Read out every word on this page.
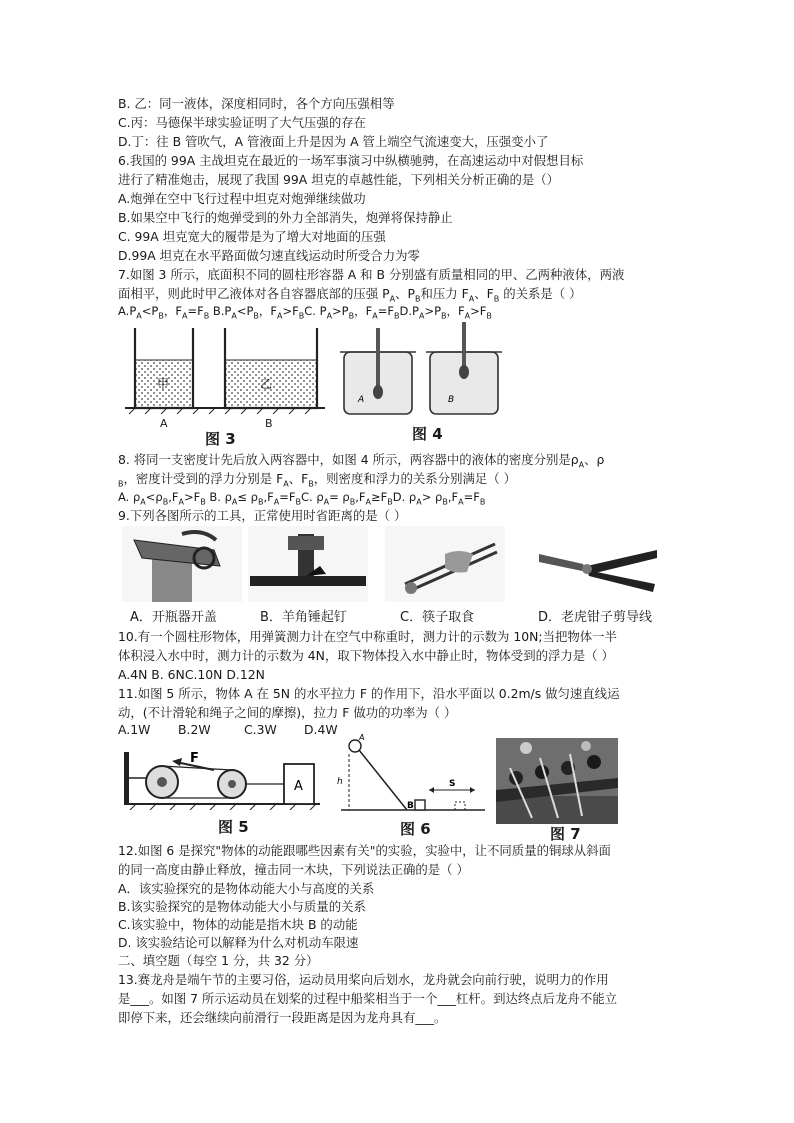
B. 乙：同一液体，深度相同时，各个方向压强相等
C.丙：马德保半球实验证明了大气压强的存在
D.丁：往 B 管吹气，A 管液面上升是因为 A 管上端空气流速变大，压强变小了
6.我国的 99A 主战坦克在最近的一场军事演习中纵横驰骋，在高速运动中对假想目标
进行了精准炮击，展现了我国 99A 坦克的卓越性能，下列相关分析正确的是（）
A.炮弹在空中飞行过程中坦克对炮弹继续做功
B.如果空中飞行的炮弹受到的外力全部消失，炮弹将保持静止
C. 99A 坦克宽大的履带是为了增大对地面的压强
D.99A 坦克在水平路面做匀速直线运动时所受合力为零
7.如图 3 所示，底面积不同的圆柱形容器 A 和 B 分别盛有质量相同的甲、乙两种液体，两液
面相平，则此时甲乙液体对各自容器底部的压强 $P_A$、$P_B$和压力 $F_A$、$F_B$ 的关系是（ ）
$A.P_A<P_B$，$F_A=F_B$ $B.P_A<P_B$，$F_A>F_BC$. $P_A>P_B$，$F_A=F_BD.P_A>P_B$，$F_A>F_B$
甲	乙
A	B
图 3
A	B
图 4
8. 将同一支密度计先后放入两容器中，如图 4 所示，两容器中的液体的密度分别是$\rho_A$、ρ
$_B$，密度计受到的浮力分别是 $F_A$、$F_B$，则密度和浮力的关系分别满足（ ）
A. $\rho_A<\rho_B,F_A>F_B$ B. $\rho_A\le \rho_B,F_A=F_BC$. $\rho_A= \rho_B,F_A\ge F_BD$. $\rho_A> \rho_B,F_A=F_B$
9.下列各图所示的工具，正常使用时省距离的是（ ）
A．开瓶器开盖	B．羊角锤起钉	C．筷子取食	D．老虎钳子剪导线
10.有一个圆柱形物体，用弹簧测力计在空气中称重时，测力计的示数为 10N;当把物体一半
体积浸入水中时，测力计的示数为 4N，取下物体投入水中静止时，物体受到的浮力是（ ）
A.4N B. 6NC.10N D.12N
11.如图 5 所示，物体 A 在 5N 的水平拉力 F 的作用下，沿水平面以 0.2m/s 做匀速直线运
动，(不计滑轮和绳子之间的摩擦)，拉力 F 做功的功率为（ ）
A.1W B.2W	C.3W D.4W
F
A
图 5
A
h
B
S
图 6	图 7
12.如图 6 是探究"物体的动能跟哪些因素有关"的实验，实验中，让不同质量的铜球从斜面
的同一高度由静止释放，撞击同一木块，下列说法正确的是（ ）
A．该实验探究的是物体动能大小与高度的关系
B.该实验探究的是物体动能大小与质量的关系
C.该实验中，物体的动能是指木块 B 的动能
D. 该实验结论可以解释为什么对机动车限速
二、填空题（每空 1 分，共 32 分）
13.赛龙舟是端午节的主要习俗，运动员用桨向后划水，龙舟就会向前行驶，说明力的作用
是___。如图 7 所示运动员在划桨的过程中船桨相当于一个___杠杆。到达终点后龙舟不能立
即停下来，还会继续向前滑行一段距离是因为龙舟具有___。
